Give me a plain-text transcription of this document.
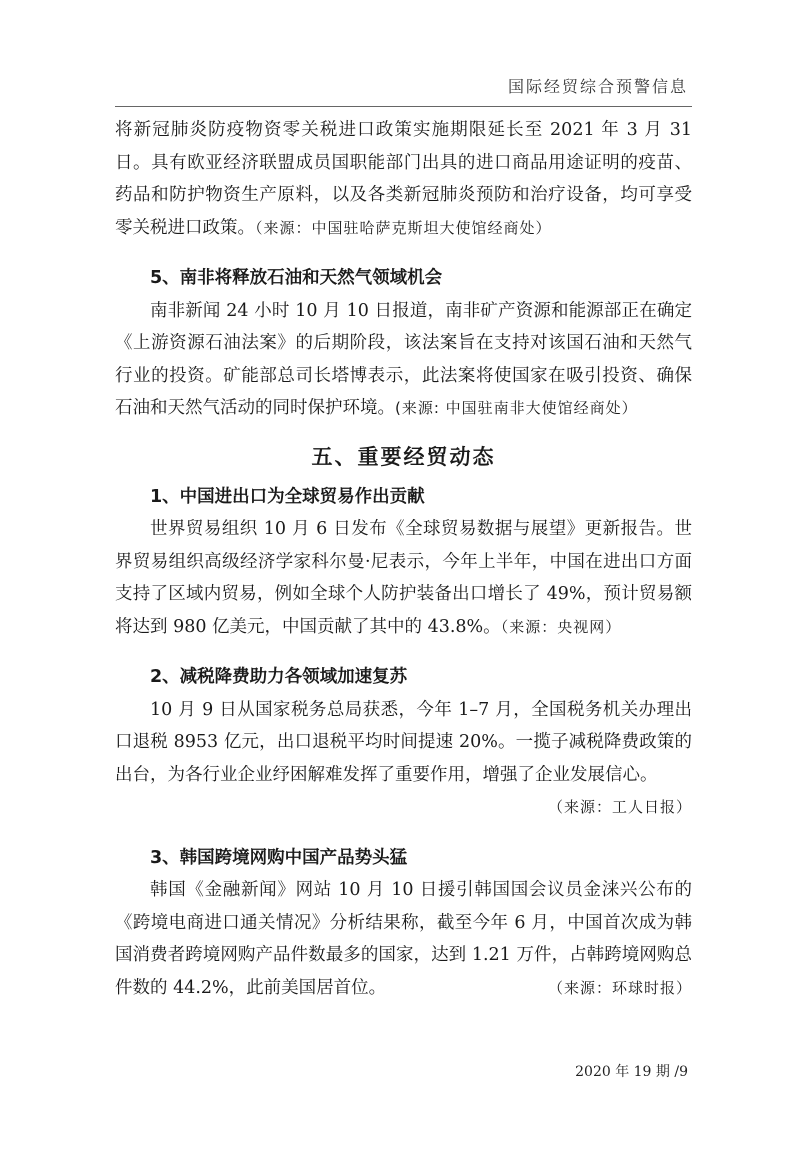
国际经贸综合预警信息

将新冠肺炎防疫物资零关税进口政策实施期限延长至 2021 年 3 月 31 日。具有欧亚经济联盟成员国职能部门出具的进口商品用途证明的疫苗、药品和防护物资生产原料，以及各类新冠肺炎预防和治疗设备，均可享受零关税进口政策。（来源：中国驻哈萨克斯坦大使馆经商处）

5、南非将释放石油和天然气领域机会

南非新闻 24 小时 10 月 10 日报道，南非矿产资源和能源部正在确定《上游资源石油法案》的后期阶段，该法案旨在支持对该国石油和天然气行业的投资。矿能部总司长塔博表示，此法案将使国家在吸引投资、确保石油和天然气活动的同时保护环境。(来源: 中国驻南非大使馆经商处）

五、重要经贸动态
1、中国进出口为全球贸易作出贡献

世界贸易组织 10 月 6 日发布《全球贸易数据与展望》更新报告。世界贸易组织高级经济学家科尔曼·尼表示，今年上半年，中国在进出口方面支持了区域内贸易，例如全球个人防护装备出口增长了 49%，预计贸易额将达到 980 亿美元，中国贡献了其中的 43.8%。（来源：央视网）

2、减税降费助力各领域加速复苏

10 月 9 日从国家税务总局获悉，今年 1–7 月，全国税务机关办理出口退税 8953 亿元，出口退税平均时间提速 20%。一揽子减税降费政策的出台，为各行业企业纾困解难发挥了重要作用，增强了企业发展信心。
（来源：工人日报）

3、韩国跨境网购中国产品势头猛

韩国《金融新闻》网站 10 月 10 日援引韩国国会议员金涞兴公布的《跨境电商进口通关情况》分析结果称，截至今年 6 月，中国首次成为韩国消费者跨境网购产品件数最多的国家，达到 1.21 万件，占韩跨境网购总件数的 44.2%，此前美国居首位。	（来源：环球时报）

2020 年 19 期 /9
